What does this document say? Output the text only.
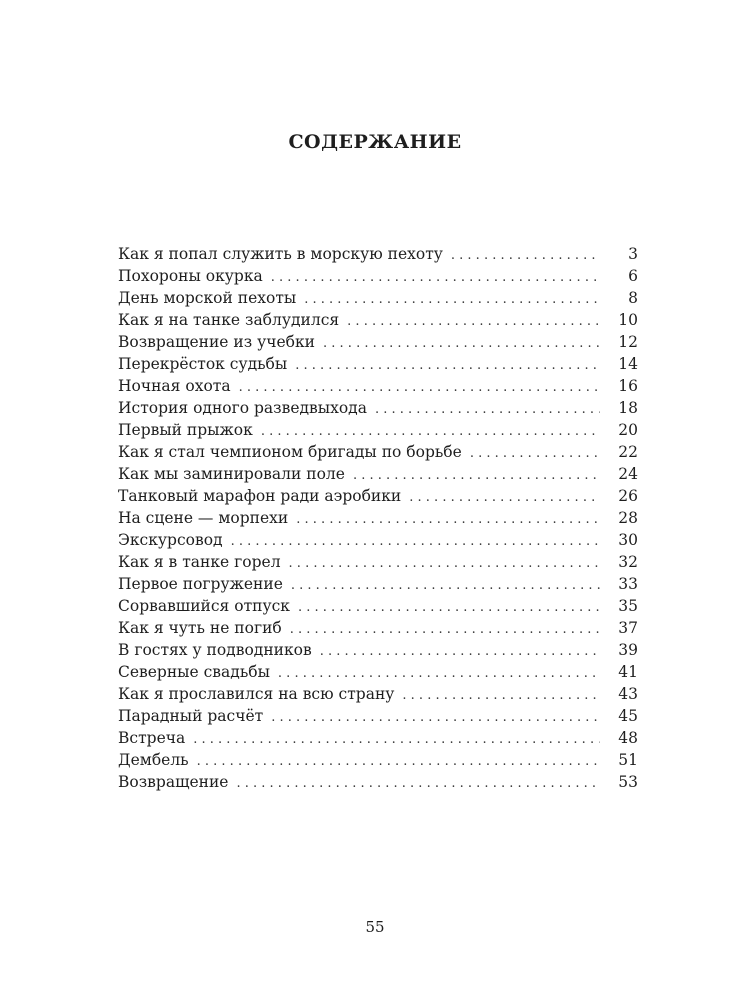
СОДЕРЖАНИЕ
Как я попал служить в морскую пехоту . . .	3
Похороны окурка . . .	6
День морской пехоты . . .	8
Как я на танке заблудился . . .	10
Возвращение из учебки . . .	12
Перекрёсток судьбы . . .	14
Ночная охота . . .	16
История одного разведвыхода . . .	18
Первый прыжок . . .	20
Как я стал чемпионом бригады по борьбе . . .	22
Как мы заминировали поле . . .	24
Танковый марафон ради аэробики . . .	26
На сцене — морпехи . . .	28
Экскурсовод . . .	30
Как я в танке горел . . .	32
Первое погружение . . .	33
Сорвавшийся отпуск . . .	35
Как я чуть не погиб . . .	37
В гостях у подводников . . .	39
Северные свадьбы . . .	41
Как я прославился на всю страну . . .	43
Парадный расчёт . . .	45
Встреча . . .	48
Дембель . . .	51
Возвращение . . .	53
55
